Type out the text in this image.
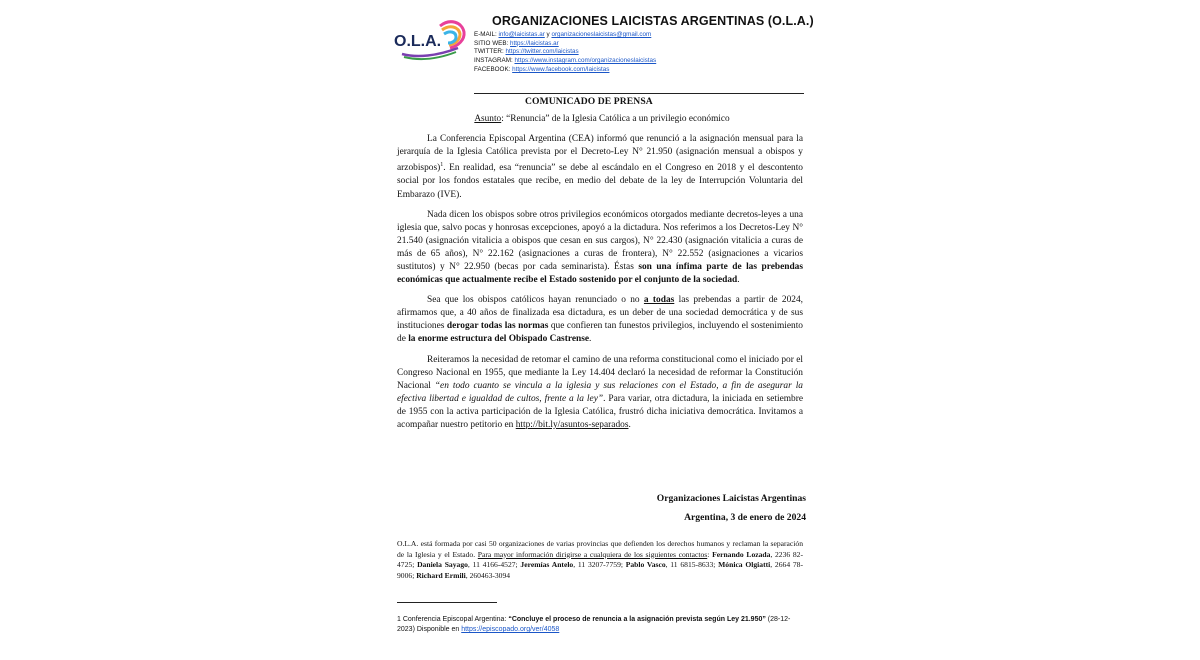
O.L.A.
ORGANIZACIONES LAICISTAS ARGENTINAS (O.L.A.)
E-MAIL: info@laicistas.ar y organizacioneslaicistas@gmail.com
SITIO WEB: https://laicistas.ar
TWITTER: https://twitter.com/laicistas
INSTAGRAM: https://www.instagram.com/organizacioneslaicistas
FACEBOOK: https://www.facebook.com/laicistas
COMUNICADO DE PRENSA
Asunto: “Renuncia” de la Iglesia Católica a un privilegio económico

La Conferencia Episcopal Argentina (CEA) informó que renunció a la asignación mensual para la jerarquía de la Iglesia Católica prevista por el Decreto-Ley N° 21.950 (asignación mensual a obispos y arzobispos)$^1$. En realidad, esa “renuncia” se debe al escándalo en el Congreso en 2018 y el descontento social por los fondos estatales que recibe, en medio del debate de la ley de Interrupción Voluntaria del Embarazo (IVE).

Nada dicen los obispos sobre otros privilegios económicos otorgados mediante decretos-leyes a una iglesia que, salvo pocas y honrosas excepciones, apoyó a la dictadura. Nos referimos a los Decretos-Ley N° 21.540 (asignación vitalicia a obispos que cesan en sus cargos), N° 22.430 (asignación vitalicia a curas de más de 65 años), N° 22.162 (asignaciones a curas de frontera), N° 22.552 (asignaciones a vicarios sustitutos) y N° 22.950 (becas por cada seminarista). Éstas son una ínfima parte de las prebendas económicas que actualmente recibe el Estado sostenido por el conjunto de la sociedad.

Sea que los obispos católicos hayan renunciado o no a todas las prebendas a partir de 2024, afirmamos que, a 40 años de finalizada esa dictadura, es un deber de una sociedad democrática y de sus instituciones derogar todas las normas que confieren tan funestos privilegios, incluyendo el sostenimiento de la enorme estructura del Obispado Castrense.

Reiteramos la necesidad de retomar el camino de una reforma constitucional como el iniciado por el Congreso Nacional en 1955, que mediante la Ley 14.404 declaró la necesidad de reformar la Constitución Nacional “en todo cuanto se vincula a la iglesia y sus relaciones con el Estado, a fin de asegurar la efectiva libertad e igualdad de cultos, frente a la ley”. Para variar, otra dictadura, la iniciada en setiembre de 1955 con la activa participación de la Iglesia Católica, frustró dicha iniciativa democrática. Invitamos a acompañar nuestro petitorio en http://bit.ly/asuntos-separados.

Organizaciones Laicistas Argentinas
Argentina, 3 de enero de 2024
O.L.A. está formada por casi 50 organizaciones de varias provincias que defienden los derechos humanos y reclaman la separación de la Iglesia y el Estado. Para mayor información dirigirse a cualquiera de los siguientes contactos: Fernando Lozada, 2236 82-4725; Daniela Sayago, 11 4166-4527; Jeremías Antelo, 11 3207-7759; Pablo Vasco, 11 6815-8633; Mónica Olgiatti, 2664 78-9006; Richard Ermili, 260463-3094
1 Conferencia Episcopal Argentina: “Concluye el proceso de renuncia a la asignación prevista según Ley 21.950” (28-12-2023) Disponible en https://episcopado.org/ver/4058
